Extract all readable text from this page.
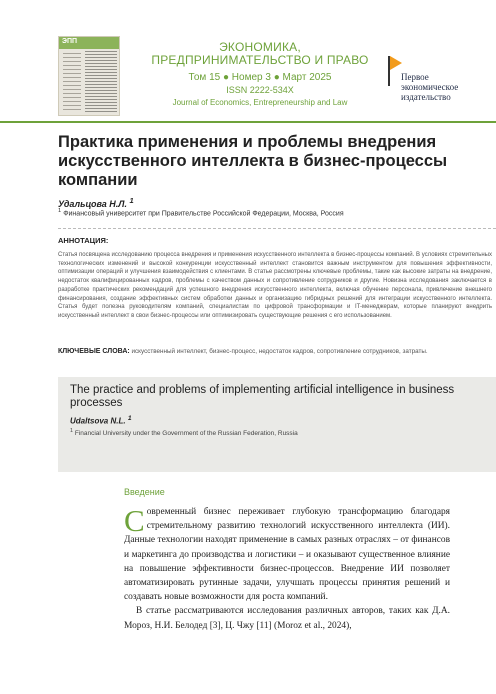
ЭПП	ЭКОНОМИКА,
ПРЕДПРИНИМАТЕЛЬСТВО И ПРАВО
Том 15 ● Номер 3 ● Март 2025
ISSN 2222-534X
Journal of Economics, Entrepreneurship and Law
Первое
экономическое
издательство
Практика применения и проблемы внедрения искусственного интеллекта в бизнес-процессы компании
Удальцова Н.Л. $^1$
$^1$ Финансовый университет при Правительстве Российской Федерации, Москва, Россия
АННОТАЦИЯ:

Статья посвящена исследованию процесса внедрения и применения искусственного интеллекта в бизнес-процессы компаний. В условиях стремительных технологических изменений и высокой конкуренции искусственный интеллект становится важным инструментом для повышения эффективности, оптимизации операций и улучшения взаимодействия с клиентами. В статье рассмотрены ключевые проблемы, такие как высокие затраты на внедрение, недостаток квалифицированных кадров, проблемы с качеством данных и сопротивление сотрудников и другие. Новизна исследования заключается в разработке практических рекомендаций для успешного внедрения искусственного интеллекта, включая обучение персонала, привлечение внешнего финансирования, создание эффективных систем обработки данных и организацию гибридных решений для интеграции искусственного интеллекта. Статья будет полезна руководителям компаний, специалистам по цифровой трансформации и IT-менеджерам, которые планируют внедрить искусственный интеллект в свои бизнес-процессы или оптимизировать существующие решения с его использованием.

КЛЮЧЕВЫЕ СЛОВА: искусственный интеллект, бизнес-процесс, недостаток кадров, сопротивление сотрудников, затраты.

The practice and problems of implementing artificial intelligence in business processes
Udaltsova N.L. $^1$
$^1$ Financial University under the Government of the Russian Federation, Russia
Введение

Современный бизнес переживает глубокую трансформацию благодаря стремительному развитию технологий искусственного интеллекта (ИИ). Данные технологии находят применение в самых разных отраслях – от финансов и маркетинга до производства и логистики – и оказывают существенное влияние на повышение эффективности бизнес-процессов. Внедрение ИИ позволяет автоматизировать рутинные задачи, улучшать процессы принятия решений и создавать новые возможности для роста компаний.

В статье рассматриваются исследования различных авторов, таких как Д.А. Мороз, Н.И. Белодед [3], Ц. Чжу [11] (Moroz et al., 2024),
